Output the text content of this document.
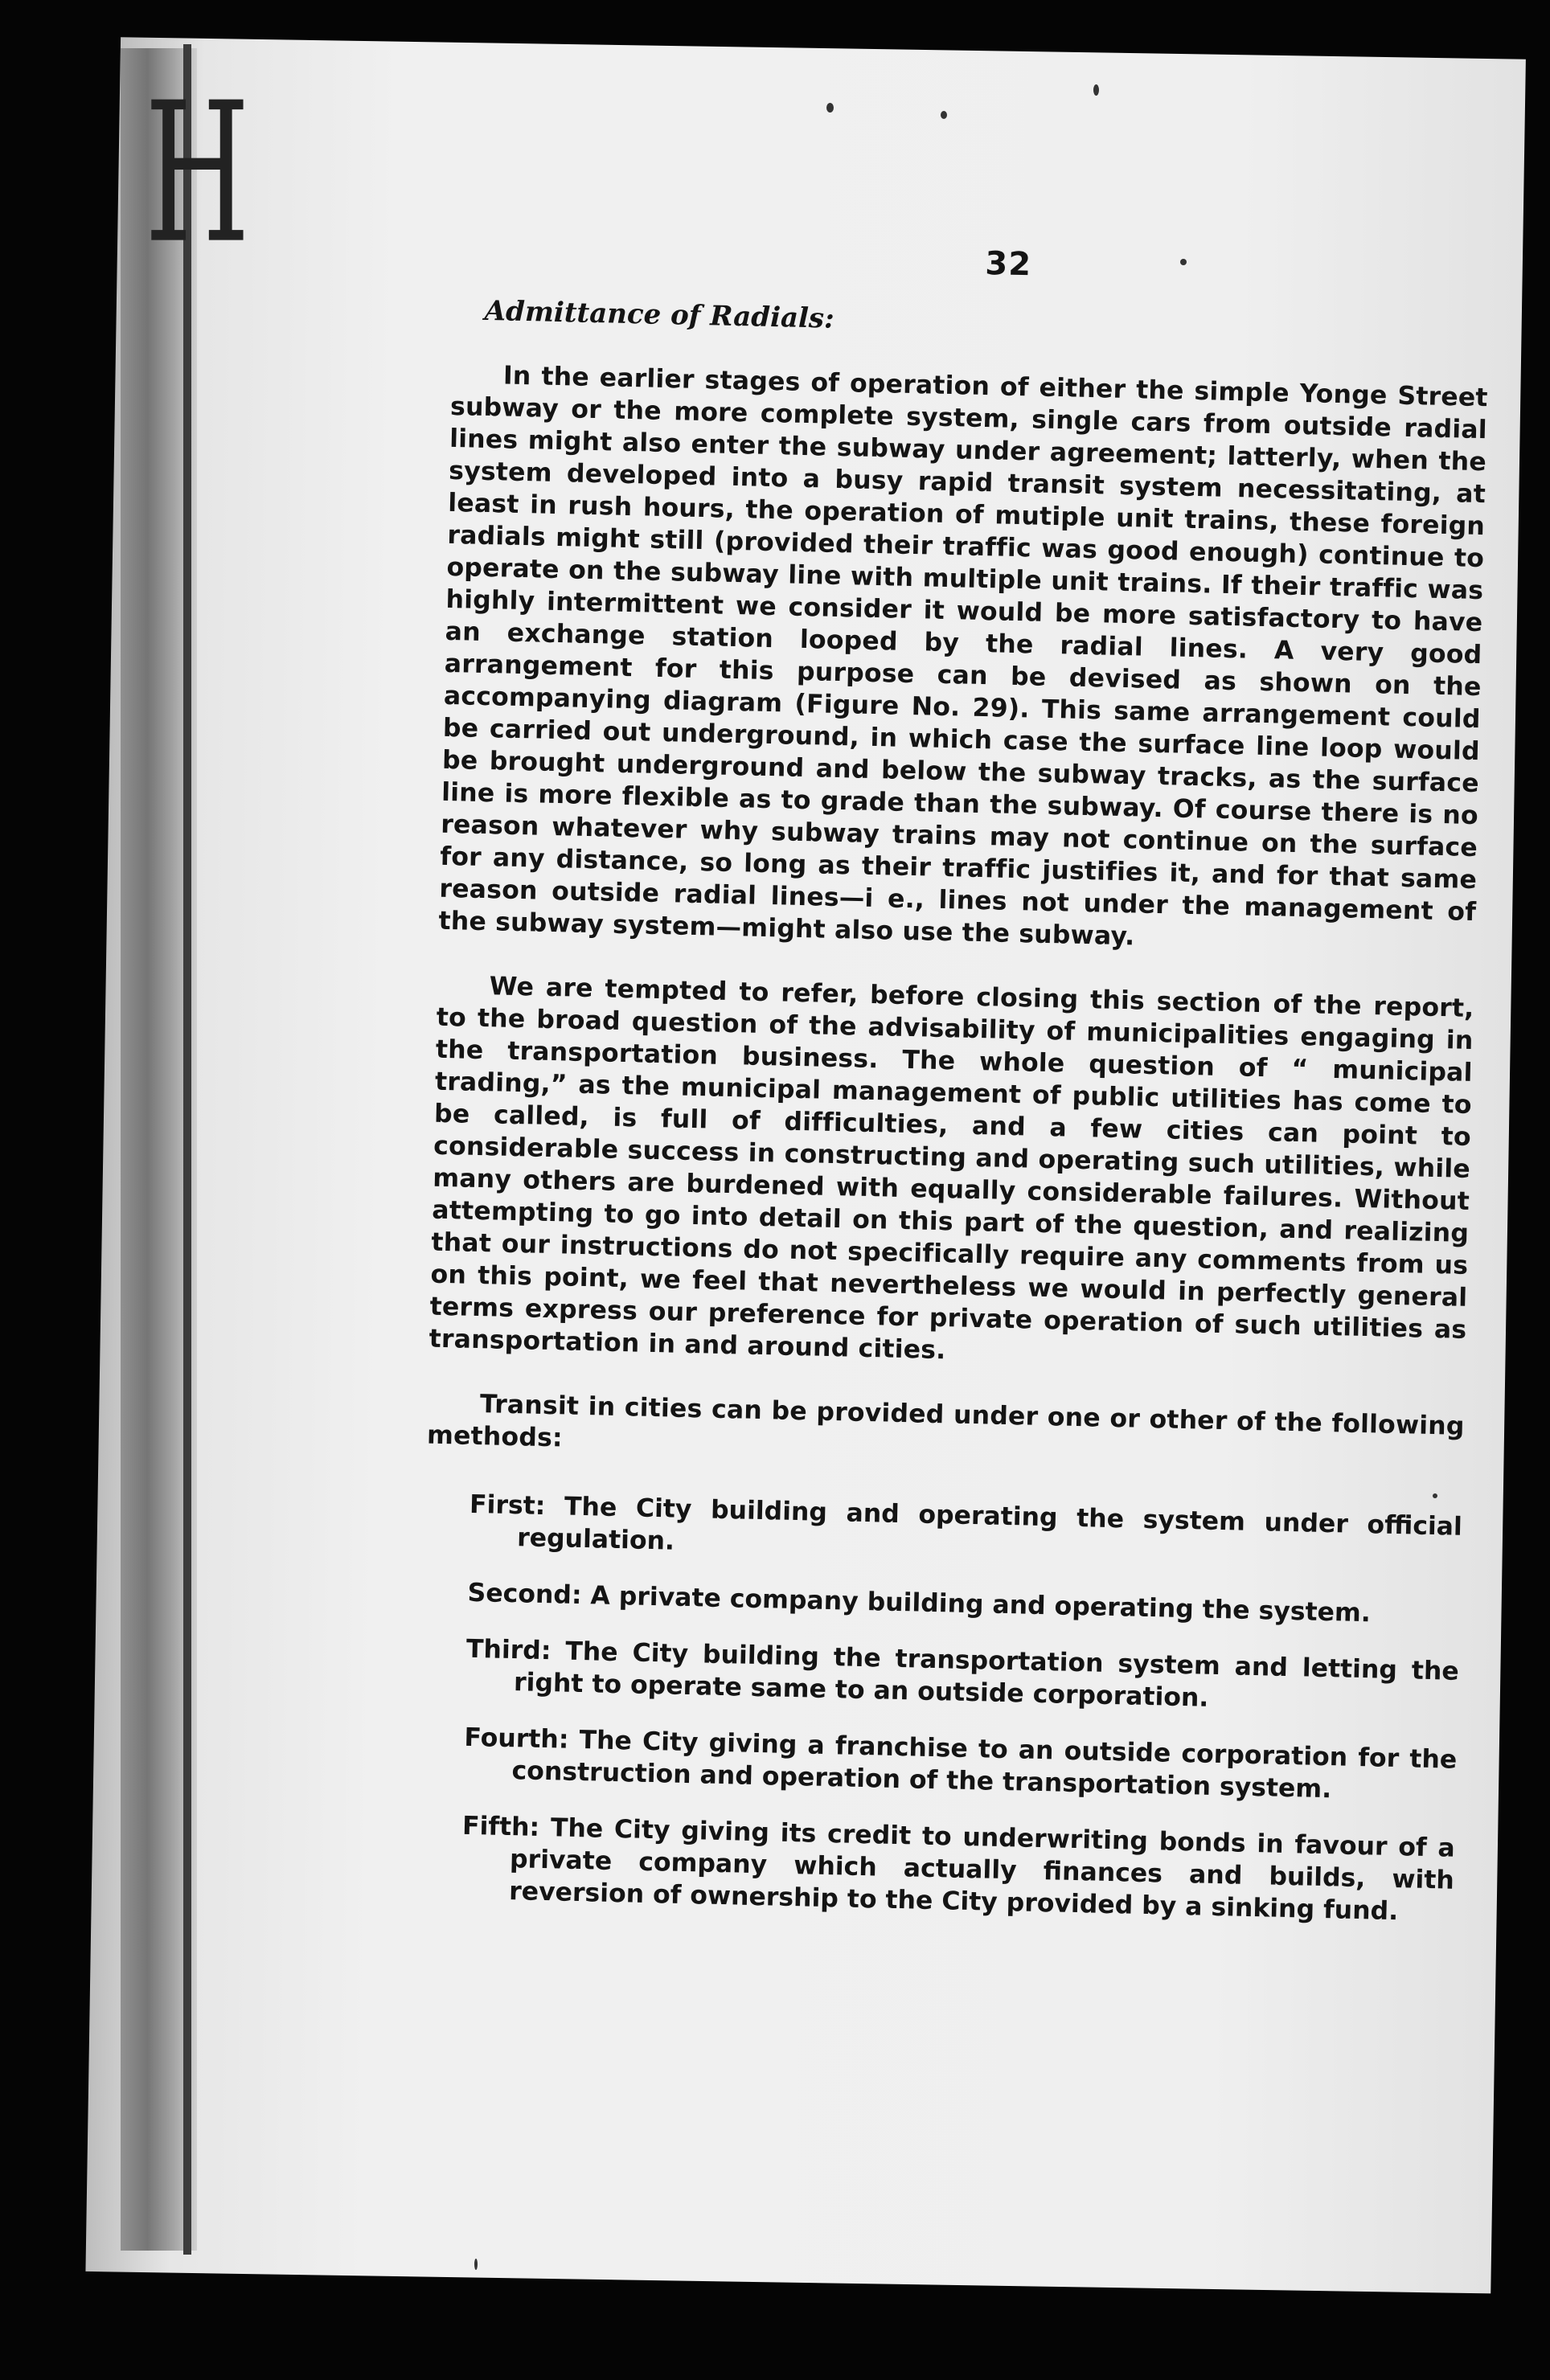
H	32
Admittance of Radials:

In the earlier stages of operation of either the simple Yonge Street subway or the more complete system, single cars from outside radial lines might also enter the subway under agreement; latterly, when the system developed into a busy rapid transit system necessitating, at least in rush hours, the operation of mutiple unit trains, these foreign radials might still (provided their traffic was good enough) continue to operate on the subway line with multiple unit trains. If their traffic was highly intermittent we consider it would be more satisfactory to have an exchange station looped by the radial lines. A very good arrangement for this purpose can be devised as shown on the accompanying diagram (Figure No. 29). This same arrangement could be carried out underground, in which case the surface line loop would be brought underground and below the subway tracks, as the surface line is more flexible as to grade than the subway. Of course there is no reason whatever why subway trains may not continue on the surface for any distance, so long as their traffic justifies it, and for that same reason outside radial lines—i e., lines not under the management of the subway system—might also use the subway.

We are tempted to refer, before closing this section of the report, to the broad question of the advisability of municipalities engaging in the transportation business. The whole question of “ municipal trading,” as the municipal management of public utilities has come to be called, is full of difficulties, and a few cities can point to considerable success in constructing and operating such utilities, while many others are burdened with equally considerable failures. Without attempting to go into detail on this part of the question, and realizing that our instructions do not specifically require any comments from us on this point, we feel that nevertheless we would in perfectly general terms express our preference for private operation of such utilities as transportation in and around cities.

Transit in cities can be provided under one or other of the following methods:

First: The City building and operating the system under official regulation.
Second: A private company building and operating the system.
Third: The City building the transportation system and letting the right to operate same to an outside corporation.
Fourth: The City giving a franchise to an outside corporation for the construction and operation of the transportation system.
Fifth: The City giving its credit to underwriting bonds in favour of a private company which actually finances and builds, with reversion of ownership to the City provided by a sinking fund.
